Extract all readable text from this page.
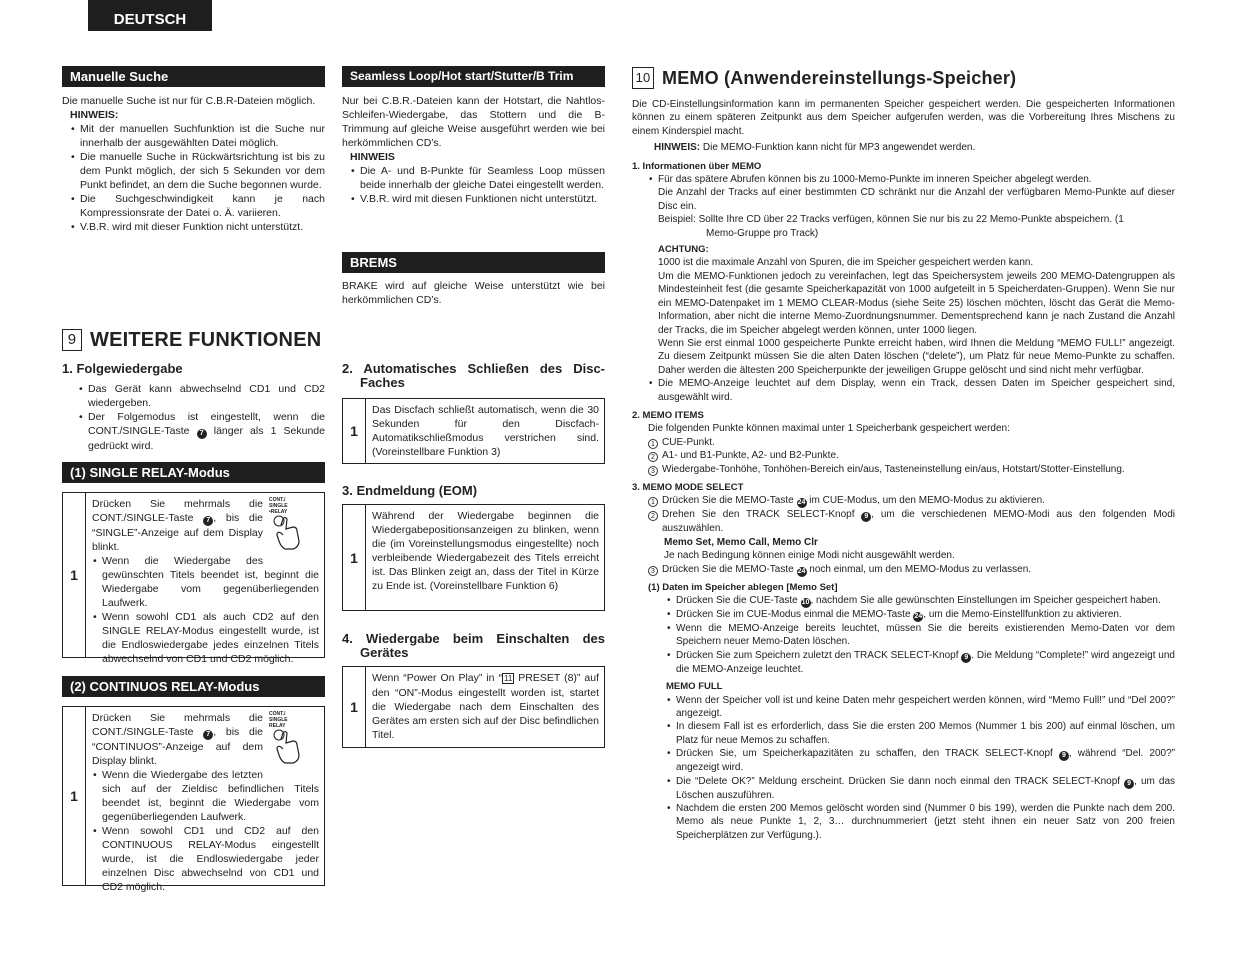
DEUTSCH
Manuelle Suche

Die manuelle Suche ist nur für C.B.R-Dateien möglich.

HINWEIS:

• Mit der manuellen Suchfunktion ist die Suche nur innerhalb der ausgewählten Datei möglich.
• Die manuelle Suche in Rückwärtsrichtung ist bis zu dem Punkt möglich, der sich 5 Sekunden vor dem Punkt befindet, an dem die Suche begonnen wurde.
• Die Suchgeschwindigkeit kann je nach Kompressionsrate der Datei o. Ä. variieren.
• V.B.R. wird mit dieser Funktion nicht unterstützt.
9 WEITERE FUNKTIONEN
1. Folgewiedergabe
• Das Gerät kann abwechselnd CD1 und CD2 wiedergeben.
• Der Folgemodus ist eingestellt, wenn die CONT./SINGLE-Taste 7 länger als 1 Sekunde gedrückt wird.
(1) SINGLE RELAY-Modus
1
CONT./
SINGLE
•RELAY

Drücken Sie mehrmals die CONT./SINGLE-Taste 7 , bis die “SINGLE”-Anzeige auf dem Display blinkt.

• Wenn die Wiedergabe des gewünschten Titels beendet ist, beginnt die Wiedergabe vom gegenüberliegenden Laufwerk.
• Wenn sowohl CD1 als auch CD2 auf den SINGLE RELAY-Modus eingestellt wurde, ist die Endloswiedergabe jedes einzelnen Titels abwechselnd von CD1 und CD2 möglich.
(2) CONTINUOS RELAY-Modus
1
CONT./
SINGLE
RELAY

Drücken Sie mehrmals die CONT./SINGLE-Taste 7 , bis die “CONTINUOS”-Anzeige auf dem Display blinkt.

• Wenn die Wiedergabe des letzten sich auf der Zieldisc befindlichen Titels beendet ist, beginnt die Wiedergabe vom gegenüberliegenden Laufwerk.
• Wenn sowohl CD1 und CD2 auf den CONTINUOUS RELAY-Modus eingestellt wurde, ist die Endloswiedergabe jeder einzelnen Disc abwechselnd von CD1 und CD2 möglich.
Seamless Loop/Hot start/Stutter/B Trim

Nur bei C.B.R.-Dateien kann der Hotstart, die Nahtlos-Schleifen-Wiedergabe, das Stottern und die B-Trimmung auf gleiche Weise ausgeführt werden wie bei herkömmlichen CD’s.

HINWEIS

• Die A- und B-Punkte für Seamless Loop müssen beide innerhalb der gleiche Datei eingestellt werden.
• V.B.R. wird mit diesen Funktionen nicht unterstützt.
BREMS

BRAKE wird auf gleiche Weise unterstützt wie bei herkömmlichen CD’s.

2. Automatisches Schließen des Disc-Faches
1
Das Discfach schließt automatisch, wenn die 30 Sekunden für den Discfach-Automatikschließmodus verstrichen sind. (Voreinstellbare Funktion 3)
3. Endmeldung (EOM)
1
Während der Wiedergabe beginnen die Wiedergabepositionsanzeigen zu blinken, wenn die (im Voreinstellungsmodus eingestellte) noch verbleibende Wiedergabezeit des Titels erreicht ist. Das Blinken zeigt an, dass der Titel in Kürze zu Ende ist. (Voreinstellbare Funktion 6)
4. Wiedergabe beim Einschalten des Gerätes
1
Wenn “Power On Play” in “ 11 PRESET (8)” auf den “ON”-Modus eingestellt worden ist, startet die Wiedergabe nach dem Einschalten des Gerätes am ersten sich auf der Disc befindlichen Titel.
10 MEMO (Anwendereinstellungs-Speicher)

Die CD-Einstellungsinformation kann im permanenten Speicher gespeichert werden. Die gespeicherten Informationen können zu einem späteren Zeitpunkt aus dem Speicher aufgerufen werden, was die Vorbereitung Ihres Mischens zu einem Kinderspiel macht.

HINWEIS: Die MEMO-Funktion kann nicht für MP3 angewendet werden.

1. Informationen über MEMO

• Für das spätere Abrufen können bis zu 1000-Memo-Punkte im inneren Speicher abgelegt werden.

Die Anzahl der Tracks auf einer bestimmten CD schränkt nur die Anzahl der verfügbaren Memo-Punkte auf dieser Disc ein.

Beispiel: Sollte Ihre CD über 22 Tracks verfügen, können Sie nur bis zu 22 Memo-Punkte abspeichern. (1

Memo-Gruppe pro Track)

ACHTUNG:

1000 ist die maximale Anzahl von Spuren, die im Speicher gespeichert werden kann.

Um die MEMO-Funktionen jedoch zu vereinfachen, legt das Speichersystem jeweils 200 MEMO-Datengruppen als Mindesteinheit fest (die gesamte Speicherkapazität von 1000 aufgeteilt in 5 Speicherdaten-Gruppen). Wenn Sie nur ein MEMO-Datenpaket im 1 MEMO CLEAR-Modus (siehe Seite 25) löschen möchten, löscht das Gerät die Memo-Information, aber nicht die interne Memo-Zuordnungsnummer. Dementsprechend kann je nach Zustand die Anzahl der Tracks, die im Speicher abgelegt werden können, unter 1000 liegen.

Wenn Sie erst einmal 1000 gespeicherte Punkte erreicht haben, wird Ihnen die Meldung “MEMO FULL!” angezeigt. Zu diesem Zeitpunkt müssen Sie die alten Daten löschen (“delete”), um Platz für neue Memo-Punkte zu schaffen. Daher werden die ältesten 200 Speicherpunkte der jeweiligen Gruppe gelöscht und sind nicht mehr verfügbar.

• Die MEMO-Anzeige leuchtet auf dem Display, wenn ein Track, dessen Daten im Speicher gespeichert sind, ausgewählt wird.

2. MEMO ITEMS

Die folgenden Punkte können maximal unter 1 Speicherbank gespeichert werden:

1 CUE-Punkt.

2 A1- und B1-Punkte, A2- und B2-Punkte.

3 Wiedergabe-Tonhöhe, Tonhöhen-Bereich ein/aus, Tasteneinstellung ein/aus, Hotstart/Stotter-Einstellung.

3. MEMO MODE SELECT

1 Drücken Sie die MEMO-Taste 24 im CUE-Modus, um den MEMO-Modus zu aktivieren.

2 Drehen Sie den TRACK SELECT-Knopf 9 , um die verschiedenen MEMO-Modi aus den folgenden Modi auszuwählen.

Memo Set, Memo Call, Memo Clr

Je nach Bedingung können einige Modi nicht ausgewählt werden.

3 Drücken Sie die MEMO-Taste 24 noch einmal, um den MEMO-Modus zu verlassen.

(1) Daten im Speicher ablegen [Memo Set]

• Drücken Sie die CUE-Taste 10, nachdem Sie alle gewünschten Einstellungen im Speicher gespeichert haben.
• Drücken Sie im CUE-Modus einmal die MEMO-Taste 24, um die Memo-Einstellfunktion zu aktivieren.
• Wenn die MEMO-Anzeige bereits leuchtet, müssen Sie die bereits existierenden Memo-Daten vor dem Speichern neuer Memo-Daten löschen.
• Drücken Sie zum Speichern zuletzt den TRACK SELECT-Knopf 9 . Die Meldung “Complete!” wird angezeigt und die MEMO-Anzeige leuchtet.

MEMO FULL

• Wenn der Speicher voll ist und keine Daten mehr gespeichert werden können, wird “Memo Full!” und “Del 200?” angezeigt.
• In diesem Fall ist es erforderlich, dass Sie die ersten 200 Memos (Nummer 1 bis 200) auf einmal löschen, um Platz für neue Memos zu schaffen.
• Drücken Sie, um Speicherkapazitäten zu schaffen, den TRACK SELECT-Knopf 9 , während “Del. 200?” angezeigt wird.
• Die “Delete OK?” Meldung erscheint. Drücken Sie dann noch einmal den TRACK SELECT-Knopf 9 , um das Löschen auszuführen.
• Nachdem die ersten 200 Memos gelöscht worden sind (Nummer 0 bis 199), werden die Punkte nach dem 200. Memo als neue Punkte 1, 2, 3… durchnummeriert (jetzt steht ihnen ein neuer Satz von 200 freien Speicherplätzen zur Verfügung.).
